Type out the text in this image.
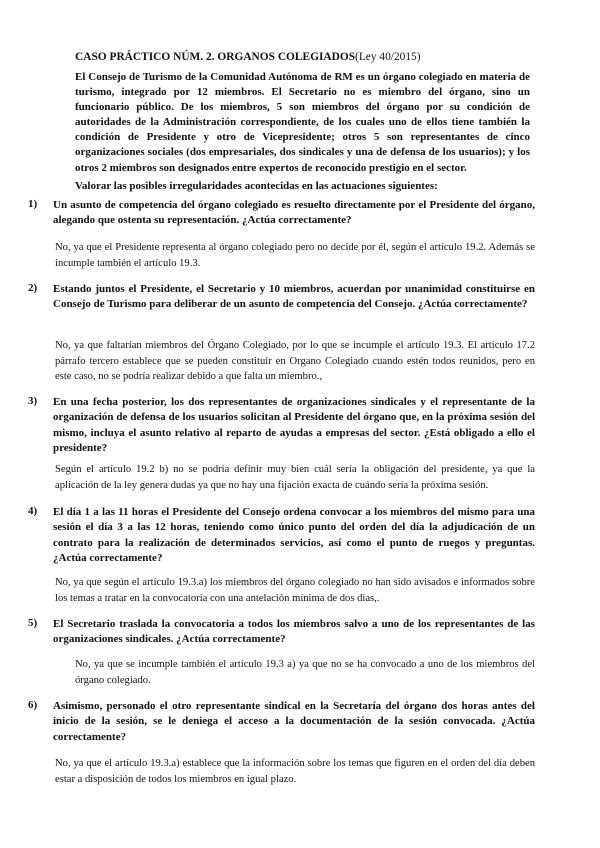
CASO PRÁCTICO NÚM. 2. ORGANOS COLEGIADOS(Ley 40/2015)
El Consejo de Turismo de la Comunidad Autónoma de RM es un órgano colegiado en materia de turismo, integrado por 12 miembros. El Secretario no es miembro del órgano, sino un funcionario público. De los miembros, 5 son miembros del órgano por su condición de autoridades de la Administración correspondiente, de los cuales uno de ellos tiene también la condición de Presidente y otro de Vicepresidente; otros 5 son representantes de cinco organizaciones sociales (dos empresariales, dos sindicales y una de defensa de los usuarios); y los otros 2 miembros son designados entre expertos de reconocido prestigio en el sector.
Valorar las posibles irregularidades acontecidas en las actuaciones siguientes:
1) Un asunto de competencia del órgano colegiado es resuelto directamente por el Presidente del órgano, alegando que ostenta su representación. ¿Actúa correctamente?
No, ya que el Presidente representa al órgano colegiado pero no decide por él, según el artículo 19.2. Además se incumple también el artículo 19.3.
2) Estando juntos el Presidente, el Secretario y 10 miembros, acuerdan por unanimidad constituirse en Consejo de Turismo para deliberar de un asunto de competencia del Consejo. ¿Actúa correctamente?
No, ya que faltarían miembros del Órgano Colegiado, por lo que se incumple el artículo 19.3. El artículo 17.2 párrafo tercero establece que se pueden constituir en Organo Colegiado cuando estén todos reunidos, pero en este caso, no se podría realizar debido a que falta un miembro.,
3) En una fecha posterior, los dos representantes de organizaciones sindicales y el representante de la organización de defensa de los usuarios solicitan al Presidente del órgano que, en la próxima sesión del mismo, incluya el asunto relativo al reparto de ayudas a empresas del sector. ¿Está obligado a ello el presidente?
Según el artículo 19.2 b) no se podría definir muy bien cuál sería la obligación del presidente, ya que la aplicación de la ley genera dudas ya que no hay una fijación exacta de cuándo sería la próxima sesión.
4) El día 1 a las 11 horas el Presidente del Consejo ordena convocar a los miembros del mismo para una sesión el día 3 a las 12 horas, teniendo como único punto del orden del día la adjudicación de un contrato para la realización de determinados servicios, así como el punto de ruegos y preguntas. ¿Actúa correctamente?
No, ya que según el artículo 19.3.a) los miembros del órgano colegiado no han sido avisados e informados sobre los temas a tratar en la convocatoria con una antelación mínima de dos días,.
5) El Secretario traslada la convocatoria a todos los miembros salvo a uno de los representantes de las organizaciones sindicales. ¿Actúa correctamente?
No, ya que se incumple también el artículo 19.3 a) ya que no se ha convocado a uno de los miembros del órgano colegiado.
6) Asimismo, personado el otro representante sindical en la Secretaría del órgano dos horas antes del inicio de la sesión, se le deniega el acceso a la documentación de la sesión convocada. ¿Actúa correctamente?
No, ya que el artículo 19.3.a) establece que la información sobre los temas que figuren en el orden del día deben estar a disposición de todos los miembros en igual plazo.
